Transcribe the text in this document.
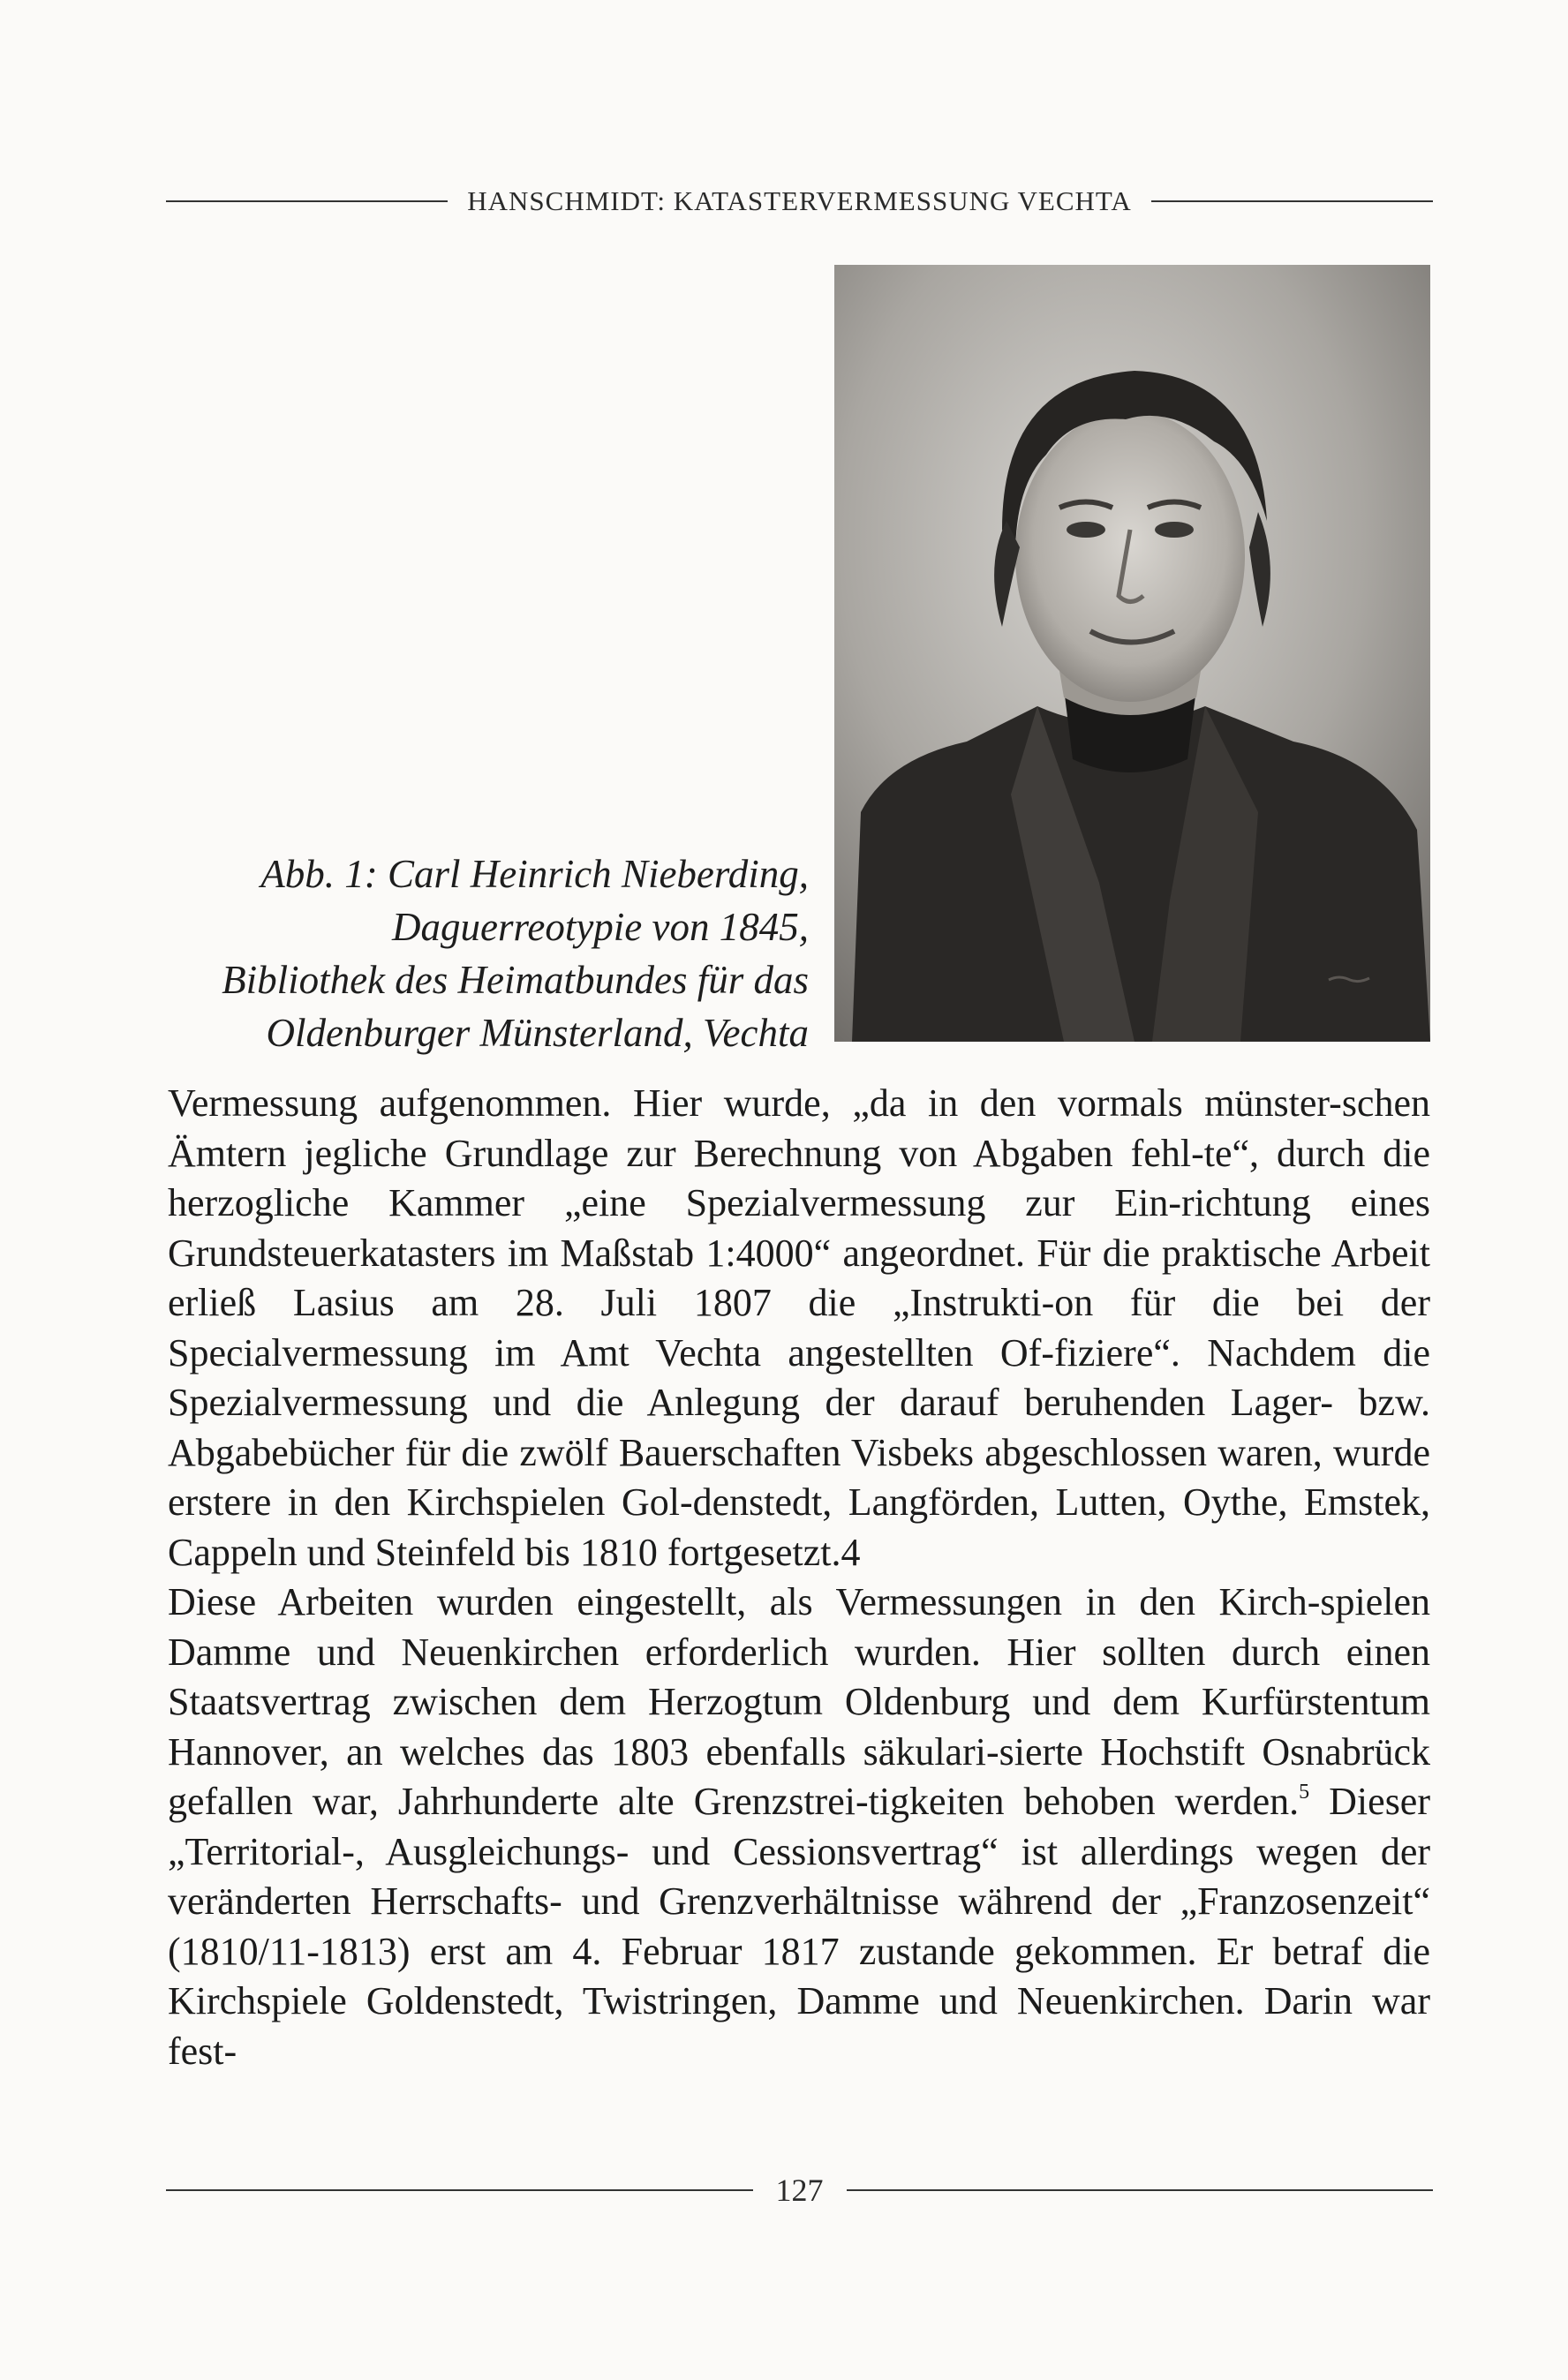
HANSCHMIDT: KATASTERVERMESSUNG VECHTA
Abb. 1: Carl Heinrich Nieberding,
Daguerreotypie von 1845,
Bibliothek des Heimatbundes für das
Oldenburger Münsterland, Vechta

Vermessung aufgenommen. Hier wurde, „da in den vormals münster-schen Ämtern jegliche Grundlage zur Berechnung von Abgaben fehl-te“, durch die herzogliche Kammer „eine Spezialvermessung zur Ein-richtung eines Grundsteuerkatasters im Maßstab 1:4000“ angeordnet. Für die praktische Arbeit erließ Lasius am 28. Juli 1807 die „Instrukti-on für die bei der Specialvermessung im Amt Vechta angestellten Of-fiziere“. Nachdem die Spezialvermessung und die Anlegung der darauf beruhenden Lager- bzw. Abgabebücher für die zwölf Bauerschaften Visbeks abgeschlossen waren, wurde erstere in den Kirchspielen Gol-denstedt, Langförden, Lutten, Oythe, Emstek, Cappeln und Steinfeld bis 1810 fortgesetzt.4

Diese Arbeiten wurden eingestellt, als Vermessungen in den Kirch-spielen Damme und Neuenkirchen erforderlich wurden. Hier sollten durch einen Staatsvertrag zwischen dem Herzogtum Oldenburg und dem Kurfürstentum Hannover, an welches das 1803 ebenfalls säkulari-sierte Hochstift Osnabrück gefallen war, Jahrhunderte alte Grenzstrei-tigkeiten behoben werden.$^5$ Dieser „Territorial-, Ausgleichungs- und Cessionsvertrag“ ist allerdings wegen der veränderten Herrschafts- und Grenzverhältnisse während der „Franzosenzeit“ (1810/11-1813) erst am 4. Februar 1817 zustande gekommen. Er betraf die Kirchspiele Goldenstedt, Twistringen, Damme und Neuenkirchen. Darin war fest-

127
